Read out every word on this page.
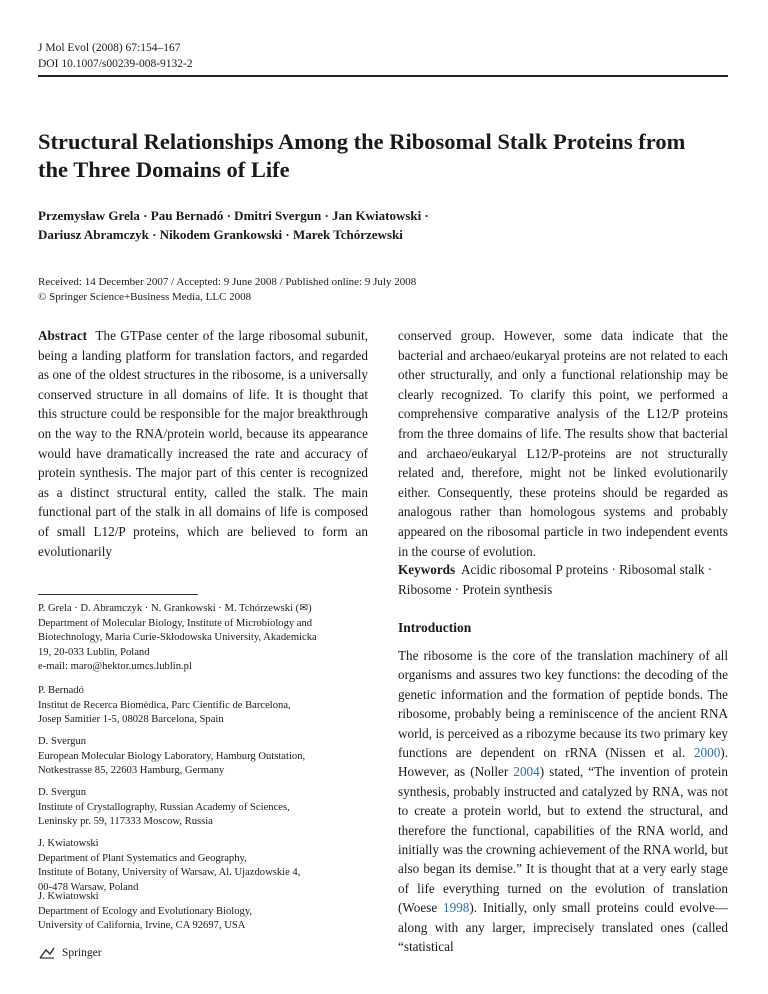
J Mol Evol (2008) 67:154–167
DOI 10.1007/s00239-008-9132-2
Structural Relationships Among the Ribosomal Stalk Proteins from the Three Domains of Life
Przemysław Grela · Pau Bernadó · Dmitri Svergun · Jan Kwiatowski ·
Dariusz Abramczyk · Nikodem Grankowski · Marek Tchórzewski
Received: 14 December 2007 / Accepted: 9 June 2008 / Published online: 9 July 2008
© Springer Science+Business Media, LLC 2008
Abstract The GTPase center of the large ribosomal subunit, being a landing platform for translation factors, and regarded as one of the oldest structures in the ribosome, is a universally conserved structure in all domains of life. It is thought that this structure could be responsible for the major breakthrough on the way to the RNA/protein world, because its appearance would have dramatically increased the rate and accuracy of protein synthesis. The major part of this center is recognized as a distinct structural entity, called the stalk. The main functional part of the stalk in all domains of life is composed of small L12/P proteins, which are believed to form an evolutionarily
conserved group. However, some data indicate that the bacterial and archaeo/eukaryal proteins are not related to each other structurally, and only a functional relationship may be clearly recognized. To clarify this point, we performed a comprehensive comparative analysis of the L12/P proteins from the three domains of life. The results show that bacterial and archaeo/eukaryal L12/P-proteins are not structurally related and, therefore, might not be linked evolutionarily either. Consequently, these proteins should be regarded as analogous rather than homologous systems and probably appeared on the ribosomal particle in two independent events in the course of evolution.
P. Grela · D. Abramczyk · N. Grankowski · M. Tchórzewski (✉)
Department of Molecular Biology, Institute of Microbiology and
Biotechnology, Maria Curie-Skłodowska University, Akademicka
19, 20-033 Lublin, Poland
e-mail: maro@hektor.umcs.lublin.pl
P. Bernadó
Institut de Recerca Biomèdica, Parc Científic de Barcelona,
Josep Samitier 1-5, 08028 Barcelona, Spain
D. Svergun
European Molecular Biology Laboratory, Hamburg Outstation,
Notkestrasse 85, 22603 Hamburg, Germany
D. Svergun
Institute of Crystallography, Russian Academy of Sciences,
Leninsky pr. 59, 117333 Moscow, Russia
J. Kwiatowski
Department of Plant Systematics and Geography,
Institute of Botany, University of Warsaw, Al. Ujazdowskie 4,
00-478 Warsaw, Poland
J. Kwiatowski
Department of Ecology and Evolutionary Biology,
University of California, Irvine, CA 92697, USA
Keywords Acidic ribosomal P proteins · Ribosomal stalk · Ribosome · Protein synthesis
Introduction
The ribosome is the core of the translation machinery of all organisms and assures two key functions: the decoding of the genetic information and the formation of peptide bonds. The ribosome, probably being a reminiscence of the ancient RNA world, is perceived as a ribozyme because its two primary key functions are dependent on rRNA (Nissen et al. 2000). However, as (Noller 2004) stated, “The invention of protein synthesis, probably instructed and catalyzed by RNA, was not to create a protein world, but to extend the structural, and therefore the functional, capabilities of the RNA world, and initially was the crowning achievement of the RNA world, but also began its demise.” It is thought that at a very early stage of life everything turned on the evolution of translation (Woese 1998). Initially, only small proteins could evolve—along with any larger, imprecisely translated ones (called “statistical
Springer
